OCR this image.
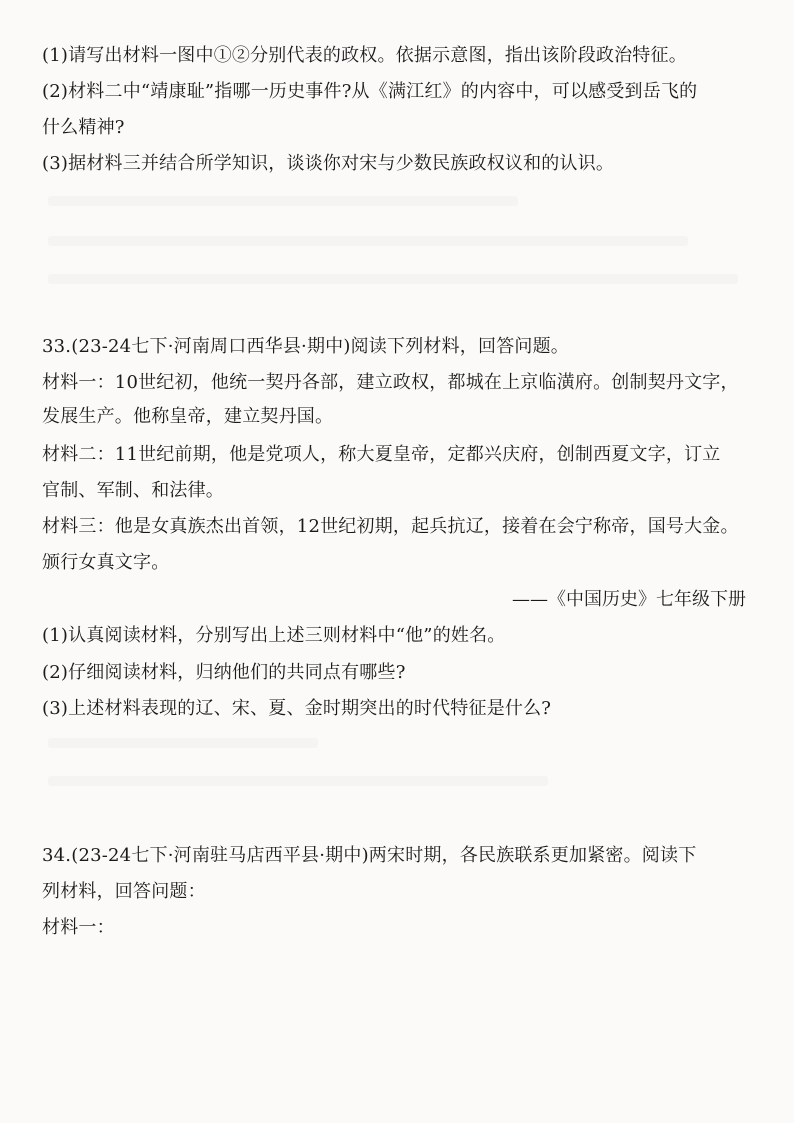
(1)请写出材料一图中①②分别代表的政权。依据示意图，指出该阶段政治特征。
(2)材料二中“靖康耻”指哪一历史事件?从《满江红》的内容中，可以感受到岳飞的
什么精神?
(3)据材料三并结合所学知识，谈谈你对宋与少数民族政权议和的认识。
33.(23-24七下·河南周口西华县·期中)阅读下列材料，回答问题。
材料一：10世纪初，他统一契丹各部，建立政权，都城在上京临潢府。创制契丹文字，
发展生产。他称皇帝，建立契丹国。
材料二：11世纪前期，他是党项人，称大夏皇帝，定都兴庆府，创制西夏文字，订立
官制、军制、和法律。
材料三：他是女真族杰出首领，12世纪初期，起兵抗辽，接着在会宁称帝，国号大金。
颁行女真文字。
——《中国历史》七年级下册
(1)认真阅读材料，分别写出上述三则材料中“他”的姓名。
(2)仔细阅读材料，归纳他们的共同点有哪些?
(3)上述材料表现的辽、宋、夏、金时期突出的时代特征是什么?
34.(23-24七下·河南驻马店西平县·期中)两宋时期，各民族联系更加紧密。阅读下
列材料，回答问题：
材料一：
